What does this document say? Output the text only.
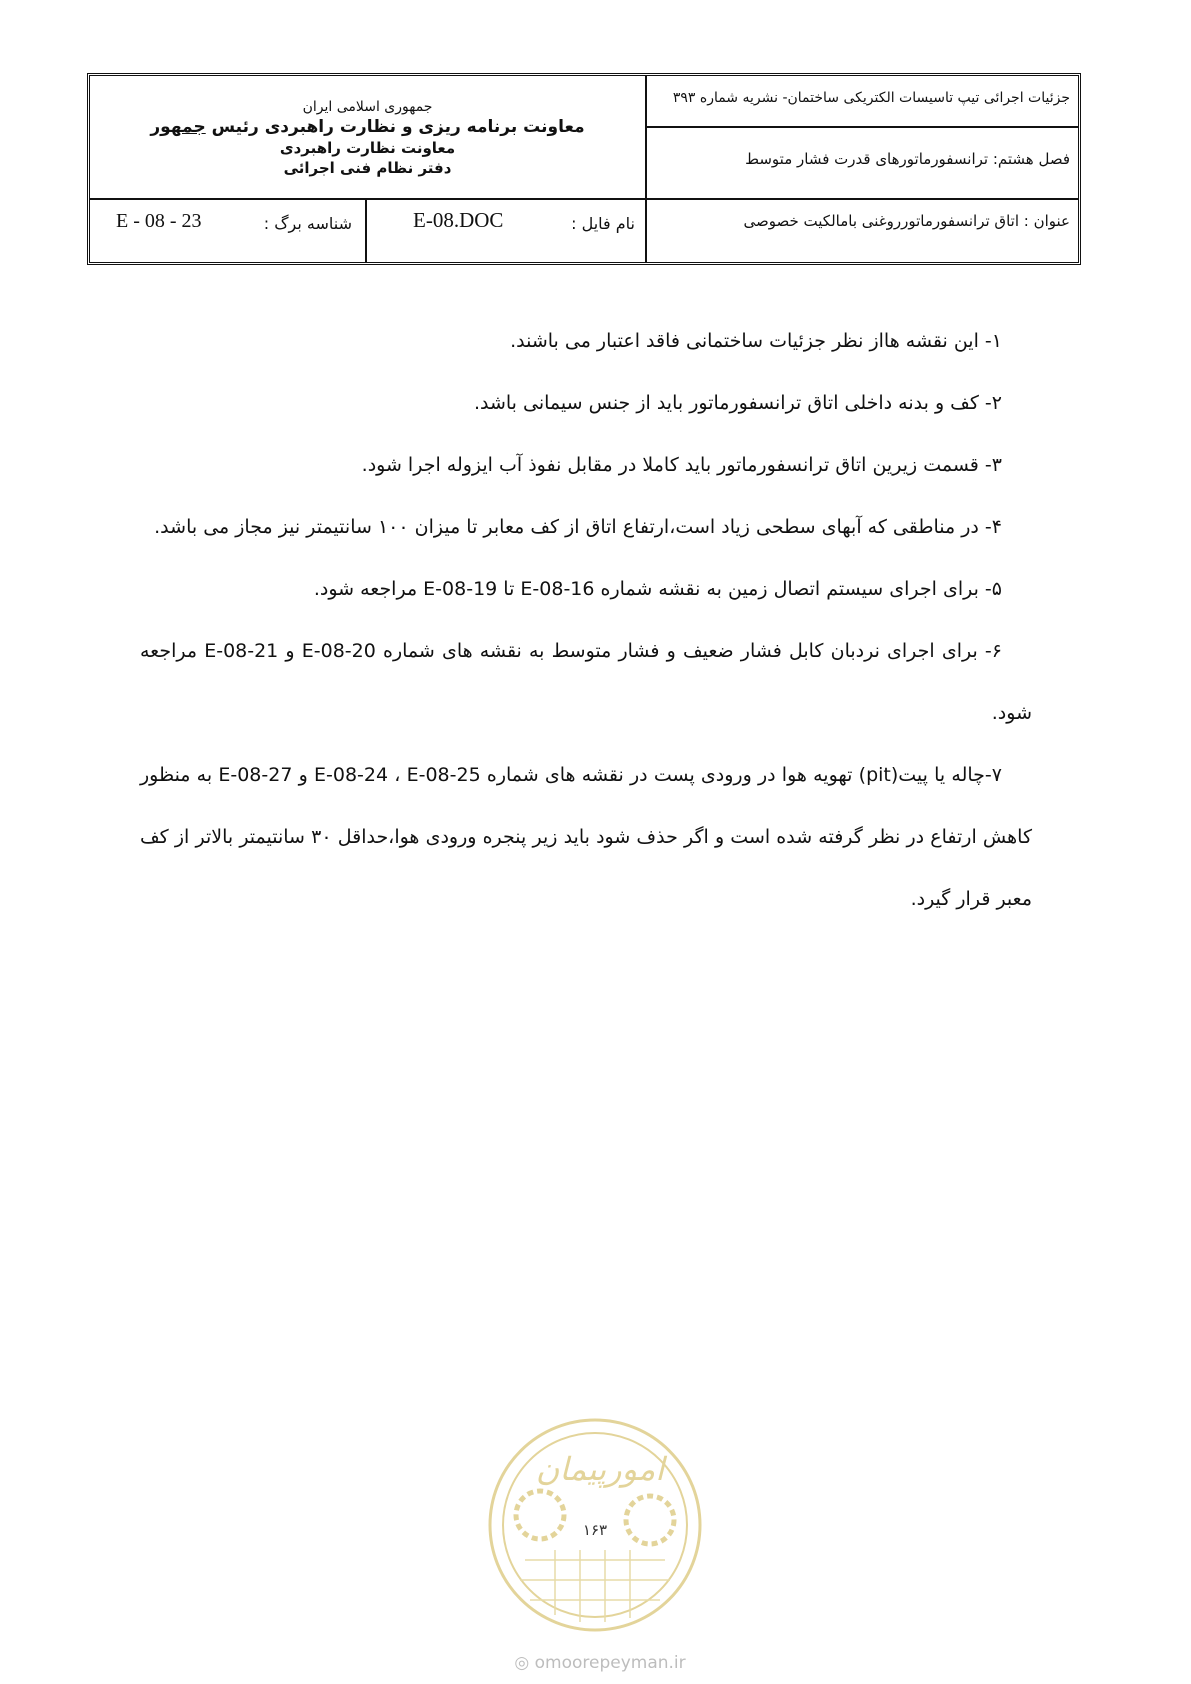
جمهوری اسلامی ایران
معاونت برنامه ریزی و نظارت راهبردی رئیس جمهور
معاونت نظارت راهبردی
دفتر نظام فنی اجرائی
جزئیات اجرائی تیپ تاسیسات الکتریکی ساختمان- نشریه شماره ۳۹۳
فصل هشتم: ترانسفورماتورهای قدرت فشار متوسط
عنوان : اتاق ترانسفورماتورروغنی بامالکیت خصوصی
نام فایل :
E-08.DOC
شناسه برگ :
E - 08 - 23

۱- این نقشه هااز نظر جزئیات ساختمانی فاقد اعتبار می باشند.

۲- کف و بدنه داخلی اتاق ترانسفورماتور باید از جنس سیمانی باشد.

۳- قسمت زیرین اتاق ترانسفورماتور باید کاملا در مقابل نفوذ آب ایزوله اجرا شود.

۴- در مناطقی که آبهای سطحی زیاد است،ارتفاع اتاق از کف معابر تا میزان ۱۰۰ سانتیمتر نیز مجاز می باشد.

۵- برای اجرای سیستم اتصال زمین به نقشه شماره E-08-16 تا E-08-19 مراجعه شود.

۶- برای اجرای نردبان کابل فشار ضعیف و فشار متوسط به نقشه های شماره E-08-20 و E-08-21 مراجعه شود.

۷-چاله یا پیت(pit) تهویه هوا در ورودی پست در نقشه های شماره E-08-24 ، E-08-25 و E-08-27 به منظور کاهش ارتفاع در نظر گرفته شده است و اگر حذف شود باید زیر پنجره ورودی هوا،حداقل ۳۰ سانتیمتر بالاتر از کف معبر قرار گیرد.

امورپیمان
۱۶۳
◎ omoorepeyman.ir
